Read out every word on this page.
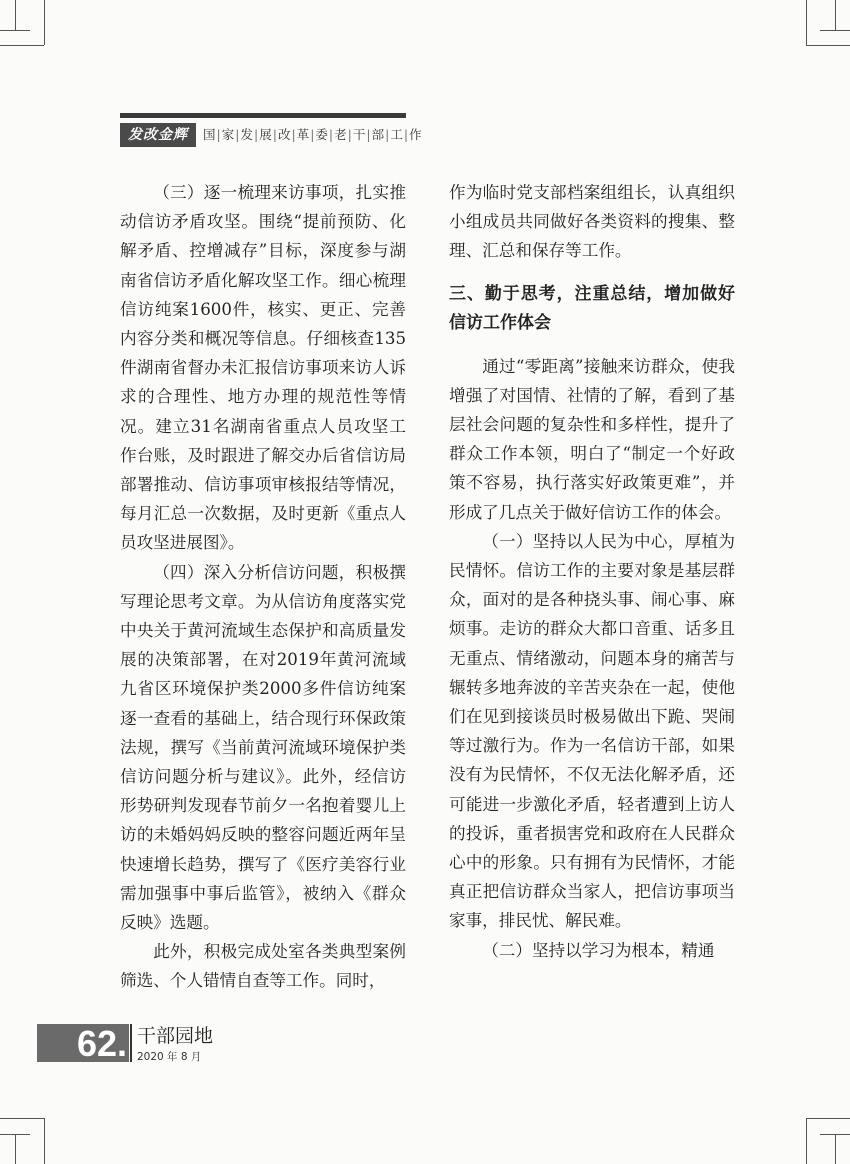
发改金辉	国|家|发|展|改|革|委|老|干|部|工|作

（三）逐一梳理来访事项，扎实推动信访矛盾攻坚。围绕“提前预防、化解矛盾、控增减存”目标，深度参与湖南省信访矛盾化解攻坚工作。细心梳理信访纯案1600件，核实、更正、完善内容分类和概况等信息。仔细核查135件湖南省督办未汇报信访事项来访人诉求的合理性、地方办理的规范性等情况。建立31名湖南省重点人员攻坚工作台账，及时跟进了解交办后省信访局部署推动、信访事项审核报结等情况，每月汇总一次数据，及时更新《重点人员攻坚进展图》。

（四）深入分析信访问题，积极撰写理论思考文章。为从信访角度落实党中央关于黄河流域生态保护和高质量发展的决策部署，在对2019年黄河流域九省区环境保护类2000多件信访纯案逐一查看的基础上，结合现行环保政策法规，撰写《当前黄河流域环境保护类信访问题分析与建议》。此外，经信访形势研判发现春节前夕一名抱着婴儿上访的未婚妈妈反映的整容问题近两年呈快速增长趋势，撰写了《医疗美容行业需加强事中事后监管》，被纳入《群众反映》选题。

此外，积极完成处室各类典型案例筛选、个人错情自查等工作。同时，

作为临时党支部档案组组长，认真组织小组成员共同做好各类资料的搜集、整理、汇总和保存等工作。

三、勤于思考，注重总结，增加做好信访工作体会

通过“零距离”接触来访群众，使我增强了对国情、社情的了解，看到了基层社会问题的复杂性和多样性，提升了群众工作本领，明白了“制定一个好政策不容易，执行落实好政策更难”，并形成了几点关于做好信访工作的体会。

（一）坚持以人民为中心，厚植为民情怀。信访工作的主要对象是基层群众，面对的是各种挠头事、闹心事、麻烦事。走访的群众大都口音重、话多且无重点、情绪激动，问题本身的痛苦与辗转多地奔波的辛苦夹杂在一起，使他们在见到接谈员时极易做出下跪、哭闹等过激行为。作为一名信访干部，如果没有为民情怀，不仅无法化解矛盾，还可能进一步激化矛盾，轻者遭到上访人的投诉，重者损害党和政府在人民群众心中的形象。只有拥有为民情怀，才能真正把信访群众当家人，把信访事项当家事，排民忧、解民难。

（二）坚持以学习为根本，精通

62. 干部园地
2020 年 8 月
